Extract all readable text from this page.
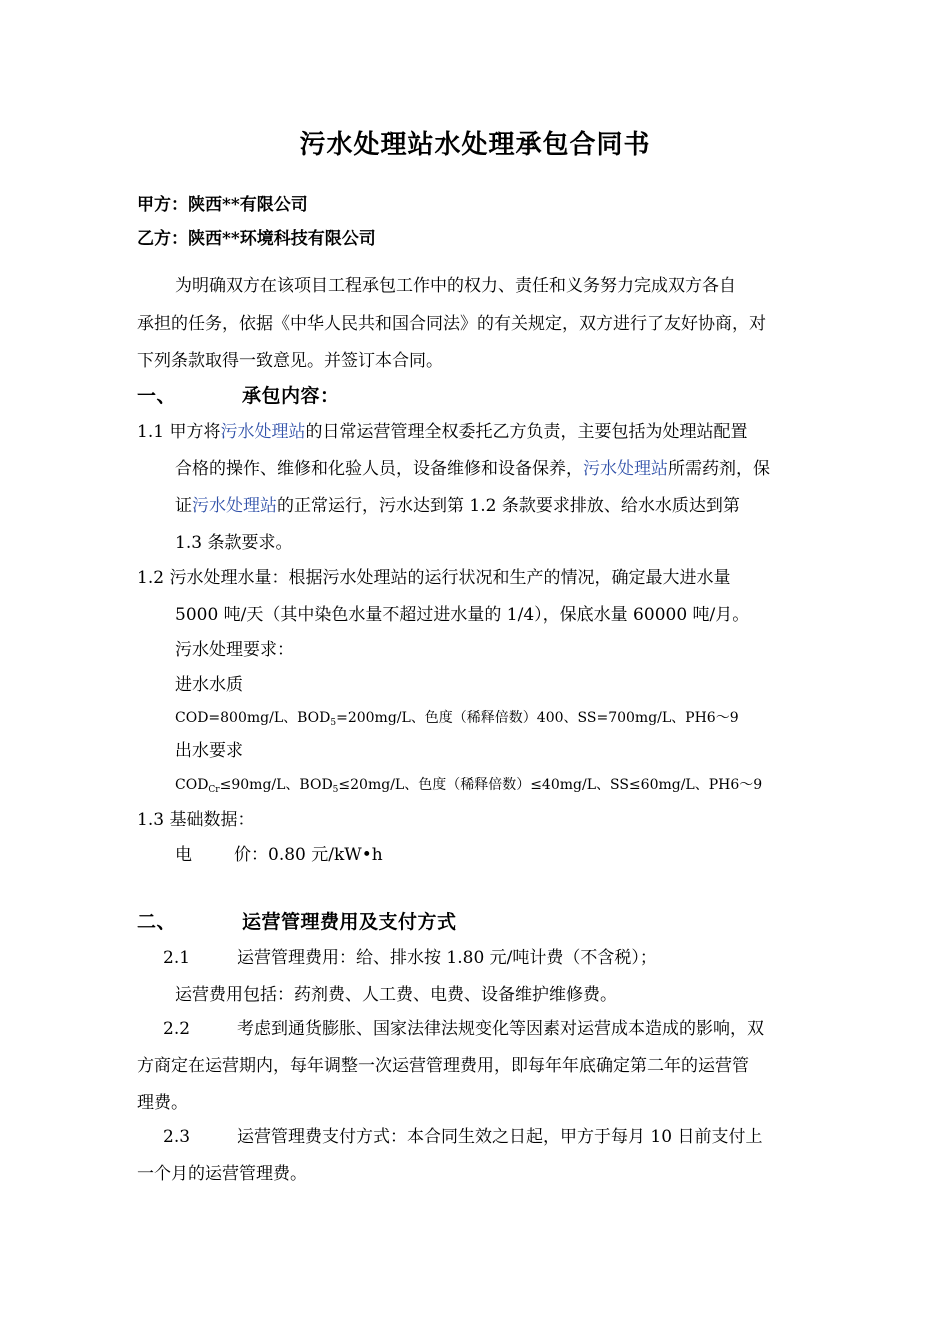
污水处理站水处理承包合同书
甲方：陕西**有限公司
乙方：陕西**环境科技有限公司
为明确双方在该项目工程承包工作中的权力、责任和义务努力完成双方各自
承担的任务，依据《中华人民共和国合同法》的有关规定，双方进行了友好协商，对
下列条款取得一致意见。并签订本合同。
一、	承包内容：
1.1 甲方将污水处理站的日常运营管理全权委托乙方负责，主要包括为处理站配置
合格的操作、维修和化验人员，设备维修和设备保养，污水处理站所需药剂，保
证污水处理站的正常运行，污水达到第 1.2 条款要求排放、给水水质达到第
1.3 条款要求。
1.2 污水处理水量：根据污水处理站的运行状况和生产的情况，确定最大进水量
5000 吨/天（其中染色水量不超过进水量的 1/4），保底水量 60000 吨/月。
污水处理要求：
进水水质
COD=800mg/L、$BOD_5=200mg/L$、色度（稀释倍数）400、SS=700mg/L、PH6～9
出水要求
$COD_{Cr}\le 90mg/L$、$BOD_5\le 20mg/L$、色度（稀释倍数）≤40mg/L、SS≤60mg/L、PH6～9
1.3 基础数据：
电 价：0.80 元/kW•h
二、	运营管理费用及支付方式
2.1	运营管理费用：给、排水按 1.80 元/吨计费（不含税）；
运营费用包括：药剂费、人工费、电费、设备维护维修费。
2.2	考虑到通货膨胀、国家法律法规变化等因素对运营成本造成的影响，双
方商定在运营期内，每年调整一次运营管理费用，即每年年底确定第二年的运营管
理费。
2.3	运营管理费支付方式：本合同生效之日起，甲方于每月 10 日前支付上
一个月的运营管理费。
